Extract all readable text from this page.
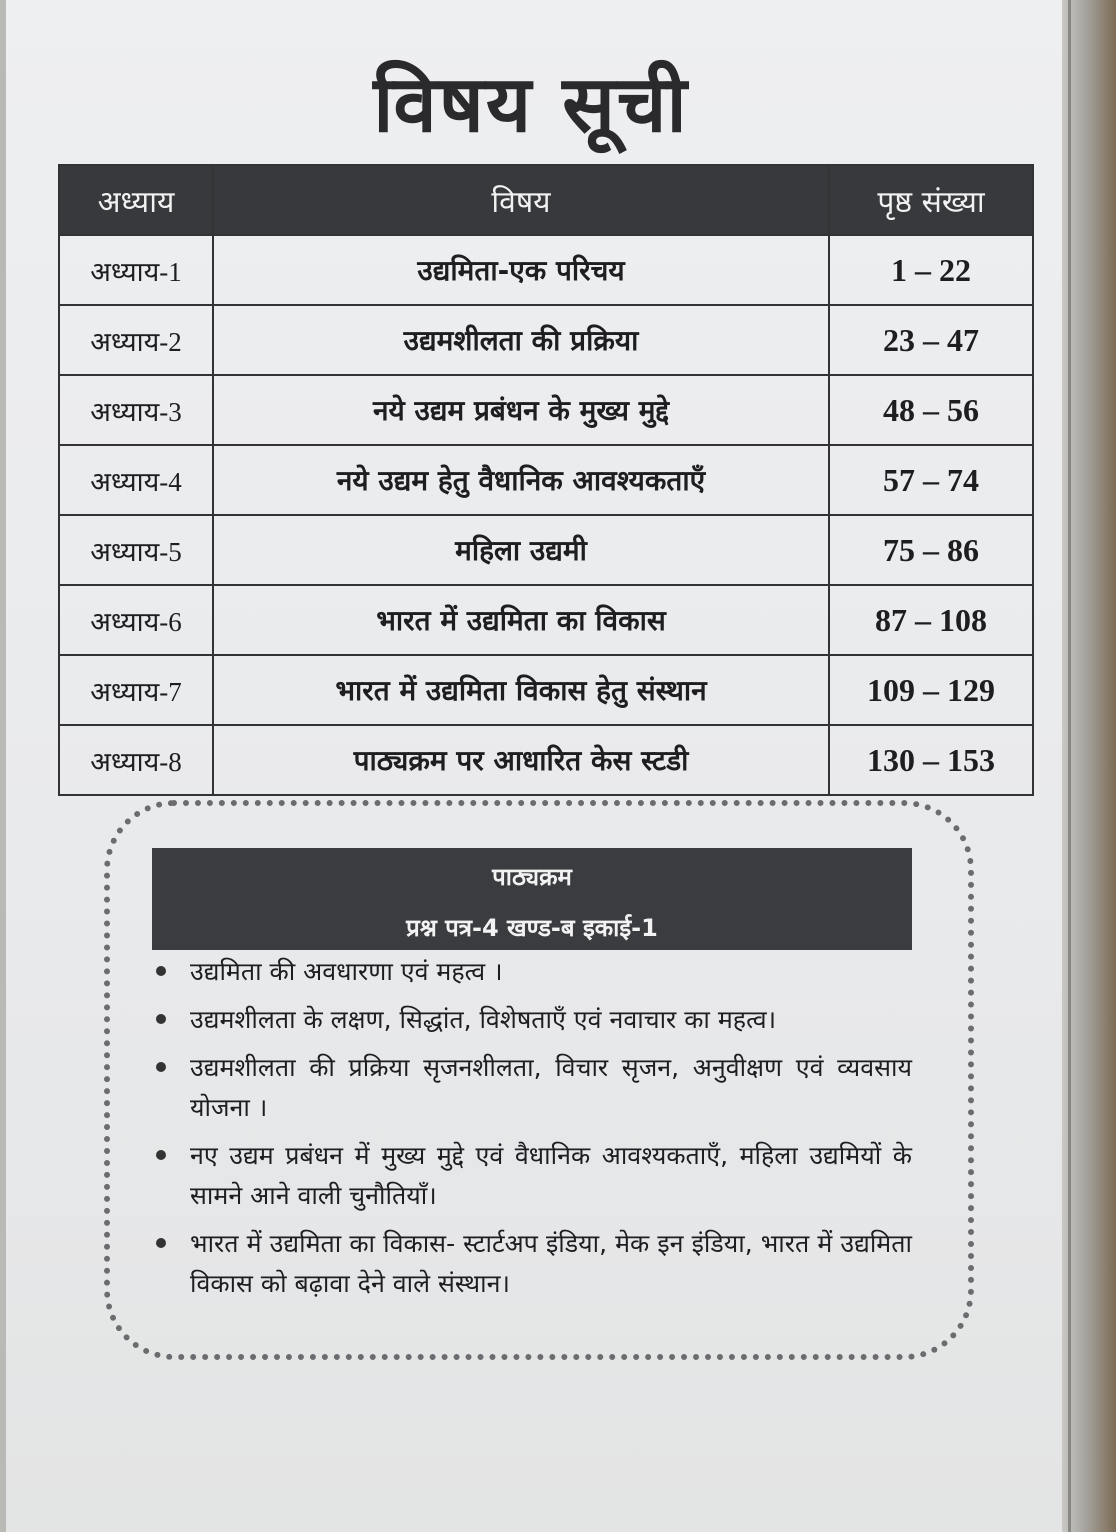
विषय सूची
अध्याय	विषय	पृष्ठ संख्या
अध्याय-1	उद्यमिता-एक परिचय	1 – 22
अध्याय-2	उद्यमशीलता की प्रक्रिया	23 – 47
अध्याय-3	नये उद्यम प्रबंधन के मुख्य मुद्दे	48 – 56
अध्याय-4	नये उद्यम हेतु वैधानिक आवश्यकताएँ	57 – 74
अध्याय-5	महिला उद्यमी	75 – 86
अध्याय-6	भारत में उद्यमिता का विकास	87 – 108
अध्याय-7	भारत में उद्यमिता विकास हेतु संस्थान	109 – 129
अध्याय-8	पाठ्यक्रम पर आधारित केस स्टडी	130 – 153
पाठ्यक्रम
प्रश्न पत्र-4 खण्ड-ब इकाई-1
उद्यमिता की अवधारणा एवं महत्व ।
उद्यमशीलता के लक्षण, सिद्धांत, विशेषताएँ एवं नवाचार का महत्व।
उद्यमशीलता की प्रक्रिया सृजनशीलता, विचार सृजन, अनुवीक्षण एवं व्यवसाय योजना ।
नए उद्यम प्रबंधन में मुख्य मुद्दे एवं वैधानिक आवश्यकताएँ, महिला उद्यमियों के सामने आने वाली चुनौतियाँ।
भारत में उद्यमिता का विकास- स्टार्टअप इंडिया, मेक इन इंडिया, भारत में उद्यमिता विकास को बढ़ावा देने वाले संस्थान।
